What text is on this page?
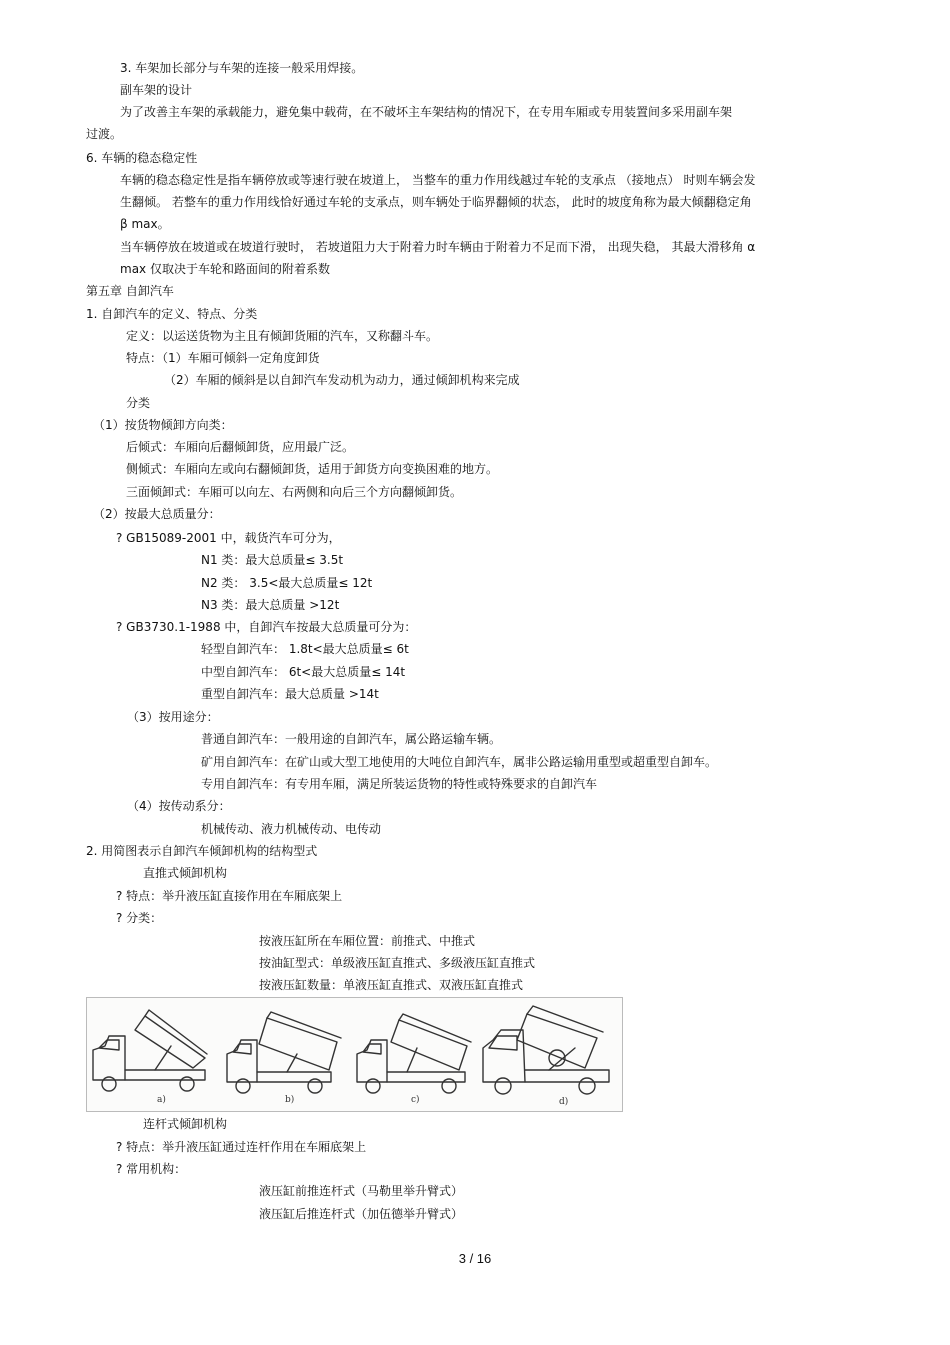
3. 车架加长部分与车架的连接一般采用焊接。
副车架的设计
为了改善主车架的承载能力，避免集中载荷，在不破坏主车架结构的情况下，在专用车厢或专用装置间多采用副车架
过渡。
6. 车辆的稳态稳定性
车辆的稳态稳定性是指车辆停放或等速行驶在坡道上， 当整车的重力作用线越过车轮的支承点 （接地点） 时则车辆会发
生翻倾。 若整车的重力作用线恰好通过车轮的支承点，则车辆处于临界翻倾的状态， 此时的坡度角称为最大倾翻稳定角
β max。
当车辆停放在坡道或在坡道行驶时， 若坡道阻力大于附着力时车辆由于附着力不足而下滑， 出现失稳， 其最大滑移角 α
max 仅取决于车轮和路面间的附着系数
第五章 自卸汽车
1. 自卸汽车的定义、特点、分类
定义：以运送货物为主且有倾卸货厢的汽车，又称翻斗车。
特点：（1）车厢可倾斜一定角度卸货
（2）车厢的倾斜是以自卸汽车发动机为动力，通过倾卸机构来完成
分类
（1）按货物倾卸方向类：
后倾式：车厢向后翻倾卸货，应用最广泛。
侧倾式：车厢向左或向右翻倾卸货，适用于卸货方向变换困难的地方。
三面倾卸式：车厢可以向左、右两侧和向后三个方向翻倾卸货。
（2）按最大总质量分：
? GB15089-2001 中，载货汽车可分为，
N1 类：最大总质量≤ 3.5t
N2 类： 3.5<最大总质量≤ 12t
N3 类：最大总质量 >12t
? GB3730.1-1988 中，自卸汽车按最大总质量可分为：
轻型自卸汽车： 1.8t<最大总质量≤ 6t
中型自卸汽车： 6t<最大总质量≤ 14t
重型自卸汽车：最大总质量 >14t
（3）按用途分：
普通自卸汽车：一般用途的自卸汽车，属公路运输车辆。
矿用自卸汽车：在矿山或大型工地使用的大吨位自卸汽车，属非公路运输用重型或超重型自卸车。
专用自卸汽车：有专用车厢，满足所装运货物的特性或特殊要求的自卸汽车
（4）按传动系分：
机械传动、液力机械传动、电传动
2. 用简图表示自卸汽车倾卸机构的结构型式
直推式倾卸机构
? 特点：举升液压缸直接作用在车厢底架上
? 分类：
按液压缸所在车厢位置：前推式、中推式
按油缸型式：单级液压缸直推式、多级液压缸直推式
按液压缸数量：单液压缸直推式、双液压缸直推式
a)	b)	c)	d)
连杆式倾卸机构
? 特点：举升液压缸通过连杆作用在车厢底架上
? 常用机构：
液压缸前推连杆式（马勒里举升臂式）
液压缸后推连杆式（加伍德举升臂式）
3 / 16
